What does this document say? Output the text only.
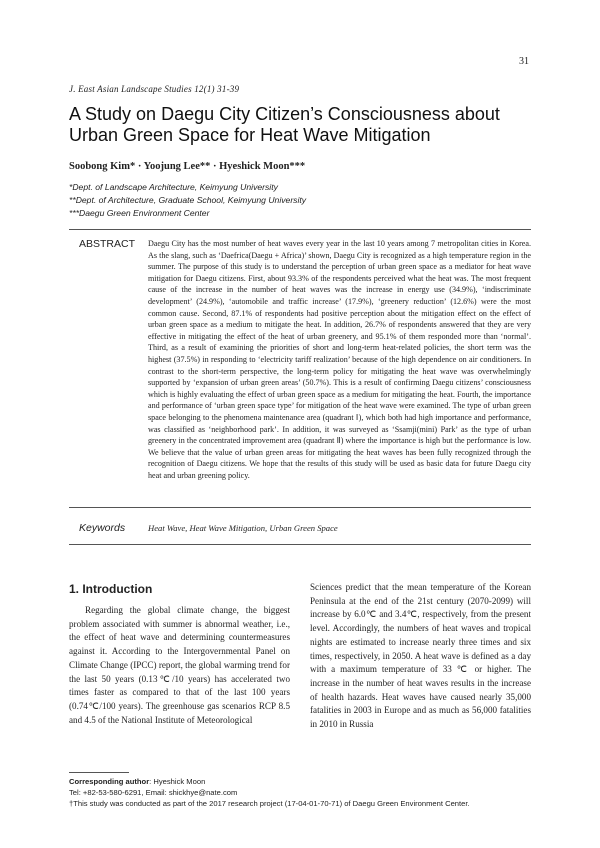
31
J. East Asian Landscape Studies 12(1) 31-39
A Study on Daegu City Citizen’s Consciousness about Urban Green Space for Heat Wave Mitigation
Soobong Kim* · Yoojung Lee** · Hyeshick Moon***
*Dept. of Landscape Architecture, Keimyung University
**Dept. of Architecture, Graduate School, Keimyung University
***Daegu Green Environment Center
ABSTRACT Daegu City has the most number of heat waves every year in the last 10 years among 7 metropolitan cities in Korea. As the slang, such as ‘Daefrica(Daegu + Africa)’ shown, Daegu City is recognized as a high temperature region in the summer. The purpose of this study is to understand the perception of urban green space as a mediator for heat wave mitigation for Daegu citizens. First, about 93.3% of the respondents perceived what the heat was. The most frequent cause of the increase in the number of heat waves was the increase in energy use (34.9%), ‘indiscriminate development’ (24.9%), ‘automobile and traffic increase’ (17.9%), ‘greenery reduction’ (12.6%) were the most common cause. Second, 87.1% of respondents had positive perception about the mitigation effect on the effect of urban green space as a medium to mitigate the heat. In addition, 26.7% of respondents answered that they are very effective in mitigating the effect of the heat of urban greenery, and 95.1% of them responded more than ‘normal’. Third, as a result of examining the priorities of short and long-term heat-related policies, the short term was the highest (37.5%) in responding to ‘electricity tariff realization’ because of the high dependence on air conditioners. In contrast to the short-term perspective, the long-term policy for mitigating the heat wave was overwhelmingly supported by ‘expansion of urban green areas’ (50.7%). This is a result of confirming Daegu citizens’ consciousness which is highly evaluating the effect of urban green space as a medium for mitigating the heat. Fourth, the importance and performance of ‘urban green space type’ for mitigation of the heat wave were examined. The type of urban green space belonging to the phenomena maintenance area (quadrant Ⅰ), which both had high importance and performance, was classified as ‘neighborhood park’. In addition, it was surveyed as ‘Ssamji(mini) Park’ as the type of urban greenery in the concentrated improvement area (quadrant Ⅱ) where the importance is high but the performance is low. We believe that the value of urban green areas for mitigating the heat waves has been fully recognized through the recognition of Daegu citizens. We hope that the results of this study will be used as basic data for future Daegu city heat and urban greening policy.
Keywords	Heat Wave, Heat Wave Mitigation, Urban Green Space
1. Introduction
Regarding the global climate change, the biggest problem associated with summer is abnormal weather, i.e., the effect of heat wave and determining countermeasures against it. According to the Intergovernmental Panel on Climate Change (IPCC) report, the global warming trend for the last 50 years (0.13℃/10 years) has accelerated two times faster as compared to that of the last 100 years (0.74℃/100 years). The greenhouse gas scenarios RCP 8.5 and 4.5 of the National Institute of Meteorological
Sciences predict that the mean temperature of the Korean Peninsula at the end of the 21st century (2070-2099) will increase by 6.0℃ and 3.4℃, respectively, from the present level. Accordingly, the numbers of heat waves and tropical nights are estimated to increase nearly three times and six times, respectively, in 2050. A heat wave is defined as a day with a maximum temperature of 33 ℃ or higher. The increase in the number of heat waves results in the increase of health hazards. Heat waves have caused nearly 35,000 fatalities in 2003 in Europe and as much as 56,000 fatalities in 2010 in Russia
Corresponding author: Hyeshick Moon
Tel: +82-53-580-6291, Email: shickhye@nate.com
†This study was conducted as part of the 2017 research project (17-04-01-70-71) of Daegu Green Environment Center.
